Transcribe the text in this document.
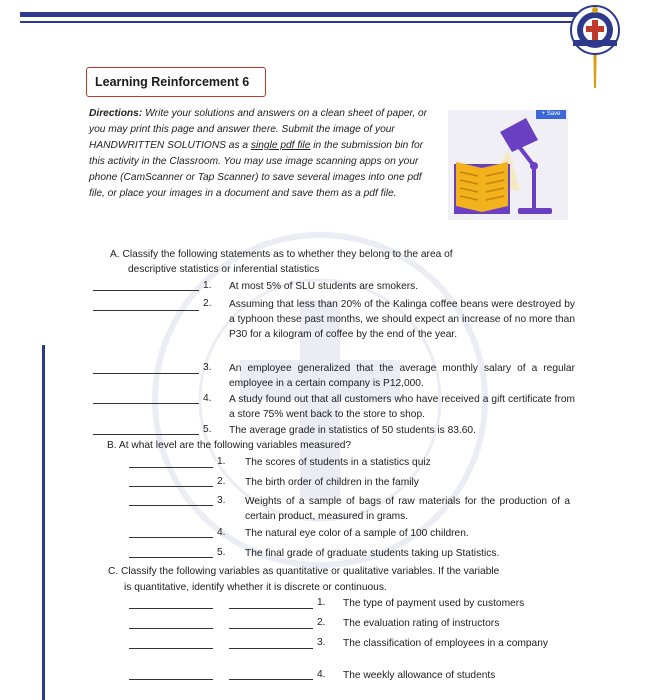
Learning Reinforcement 6
Directions: Write your solutions and answers on a clean sheet of paper, or you may print this page and answer there. Submit the image of your HANDWRITTEN SOLUTIONS as a single pdf file in the submission bin for this activity in the Classroom. You may use image scanning apps on your phone (CamScanner or Tap Scanner) to save several images into one pdf file, or place your images in a document and save them as a pdf file.
+ Save
A. Classify the following statements as to whether they belong to the area of
descriptive statistics or inferential statistics
1. At most 5% of SLU students are smokers.
2. Assuming that less than 20% of the Kalinga coffee beans were destroyed by a typhoon these past months, we should expect an increase of no more than P30 for a kilogram of coffee by the end of the year.
3. An employee generalized that the average monthly salary of a regular employee in a certain company is P12,000.
4. A study found out that all customers who have received a gift certificate from a store 75% went back to the store to shop.
5. The average grade in statistics of 50 students is 83.60.
B. At what level are the following variables measured?
1. The scores of students in a statistics quiz
2. The birth order of children in the family
3. Weights of a sample of bags of raw materials for the production of a certain product, measured in grams.
4. The natural eye color of a sample of 100 children.
5. The final grade of graduate students taking up Statistics.
C. Classify the following variables as quantitative or qualitative variables. If the variable
is quantitative, identify whether it is discrete or continuous.
1. The type of payment used by customers
2. The evaluation rating of instructors
3. The classification of employees in a company
4. The weekly allowance of students
